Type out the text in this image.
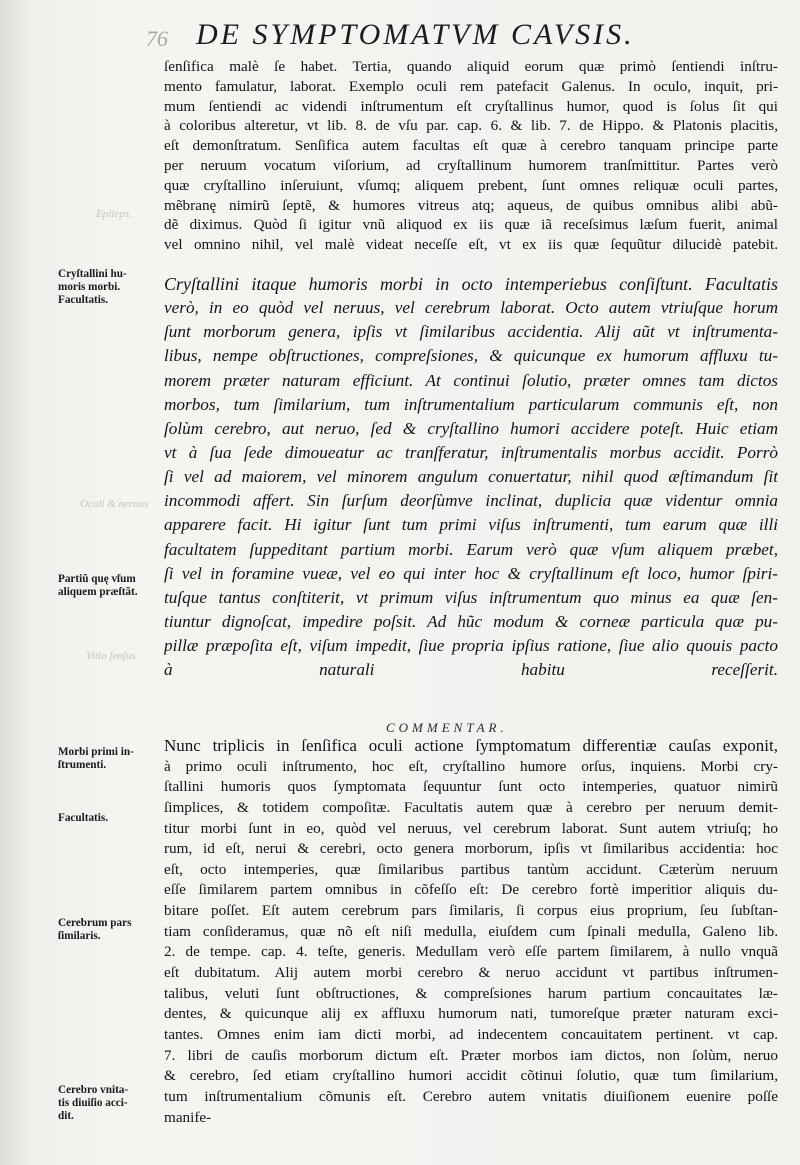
76 DE SYMPTOMATVM CAVSIS.
Epileps.
Oculi & neruus
Vitio ſenſus
Cryſtallini hu-
moris morbi.
Facultatis.
Partiũ quę vſum
aliquem præſtãt.
Morbi primi in-
ſtrumenti.
Facultatis.
Cerebrum pars
ſimilaris.
Cerebro vnita-
tis diuiſio acci-
dit.
ſenſifica malè ſe habet. Tertia, quando aliquid eorum quæ primò ſentiendi inſtru-
mento famulatur, laborat. Exemplo oculi rem patefacit Galenus. In oculo, inquit, pri-
mum ſentiendi ac videndi inſtrumentum eſt cryſtallinus humor, quod is ſolus ſit qui
à coloribus alteretur, vt lib. 8. de vſu par. cap. 6. & lib. 7. de Hippo. & Platonis placitis,
eſt demonſtratum. Senſifica autem facultas eſt quæ à cerebro tanquam principe parte
per neruum vocatum viſorium, ad cryſtallinum humorem tranſmittitur. Partes verò
quæ cryſtallino inſeruiunt, vſumq; aliquem prebent, ſunt omnes reliquæ oculi partes,
mẽbranę nimirũ ſeptẽ, & humores vitreus atq; aqueus, de quibus omnibus alibi abũ-
dẽ diximus. Quòd ſi igitur vnũ aliquod ex iis quæ iã receſsimus læſum fuerit, animal
vel omnino nihil, vel malè videat neceſſe eſt, vt ex iis quæ ſequũtur dilucidè patebit.
Cryſtallini itaque humoris morbi in octo intemperiebus conſiſtunt. Facultatis
verò, in eo quòd vel neruus, vel cerebrum laborat. Octo autem vtriuſque horum
ſunt morborum genera, ipſis vt ſimilaribus accidentia. Alij aũt vt inſtrumenta-
libus, nempe obſtructiones, compreſsiones, & quicunque ex humorum affluxu tu-
morem præter naturam efficiunt. At continui ſolutio, præter omnes tam dictos
morbos, tum ſimilarium, tum inſtrumentalium particularum communis eſt, non
ſolùm cerebro, aut neruo, ſed & cryſtallino humori accidere poteſt. Huic etiam
vt à ſua ſede dimoueatur ac tranſferatur, inſtrumentalis morbus accidit. Porrò
ſi vel ad maiorem, vel minorem angulum conuertatur, nihil quod æſtimandum ſit
incommodi affert. Sin ſurſum deorſùmve inclinat, duplicia quæ videntur omnia
apparere facit. Hi igitur ſunt tum primi viſus inſtrumenti, tum earum quæ illi
facultatem ſuppeditant partium morbi. Earum verò quæ vſum aliquem præbet,
ſi vel in foramine vueæ, vel eo qui inter hoc & cryſtallinum eſt loco, humor ſpiri-
tuſque tantus conſtiterit, vt primum viſus inſtrumentum quo minus ea quæ ſen-
tiuntur dignoſcat, impedire poſsit. Ad hũc modum & corneæ particula quæ pu-
pillæ præpoſita eſt, viſum impedit, ſiue propria ipſius ratione, ſiue alio quouis pacto
à naturali habitu receſſerit.
COMMENTAR.
Nunc triplicis in ſenſifica oculi actione ſymptomatum differentiæ cauſas exponit,
à primo oculi inſtrumento, hoc eſt, cryſtallino humore orſus, inquiens. Morbi cry-
ſtallini humoris quos ſymptomata ſequuntur ſunt octo intemperies, quatuor nimirũ
ſimplices, & totidem compoſitæ. Facultatis autem quæ à cerebro per neruum demit-
titur morbi ſunt in eo, quòd vel neruus, vel cerebrum laborat. Sunt autem vtriuſq; ho
rum, id eſt, nerui & cerebri, octo genera morborum, ipſis vt ſimilaribus accidentia: hoc
eſt, octo intemperies, quæ ſimilaribus partibus tantùm accidunt. Cæterùm neruum
eſſe ſimilarem partem omnibus in cõfeſſo eſt: De cerebro fortè imperitior aliquis du-
bitare poſſet. Eſt autem cerebrum pars ſimilaris, ſi corpus eius proprium, ſeu ſubſtan-
tiam conſideramus, quæ nõ eſt niſi medulla, eiuſdem cum ſpinali medulla, Galeno lib.
2. de tempe. cap. 4. teſte, generis. Medullam verò eſſe partem ſimilarem, à nullo vnquã
eſt dubitatum. Alij autem morbi cerebro & neruo accidunt vt partibus inſtrumen-
talibus, veluti ſunt obſtructiones, & compreſsiones harum partium concauitates læ-
dentes, & quicunque alij ex affluxu humorum nati, tumoreſque præter naturam exci-
tantes. Omnes enim iam dicti morbi, ad indecentem concauitatem pertinent. vt cap.
7. libri de cauſis morborum dictum eſt. Præter morbos iam dictos, non ſolùm, neruo
& cerebro, ſed etiam cryſtallino humori accidit cõtinui ſolutio, quæ tum ſimilarium,
tum inſtrumentalium cõmunis eſt. Cerebro autem vnitatis diuiſionem euenire poſſe
manife-
